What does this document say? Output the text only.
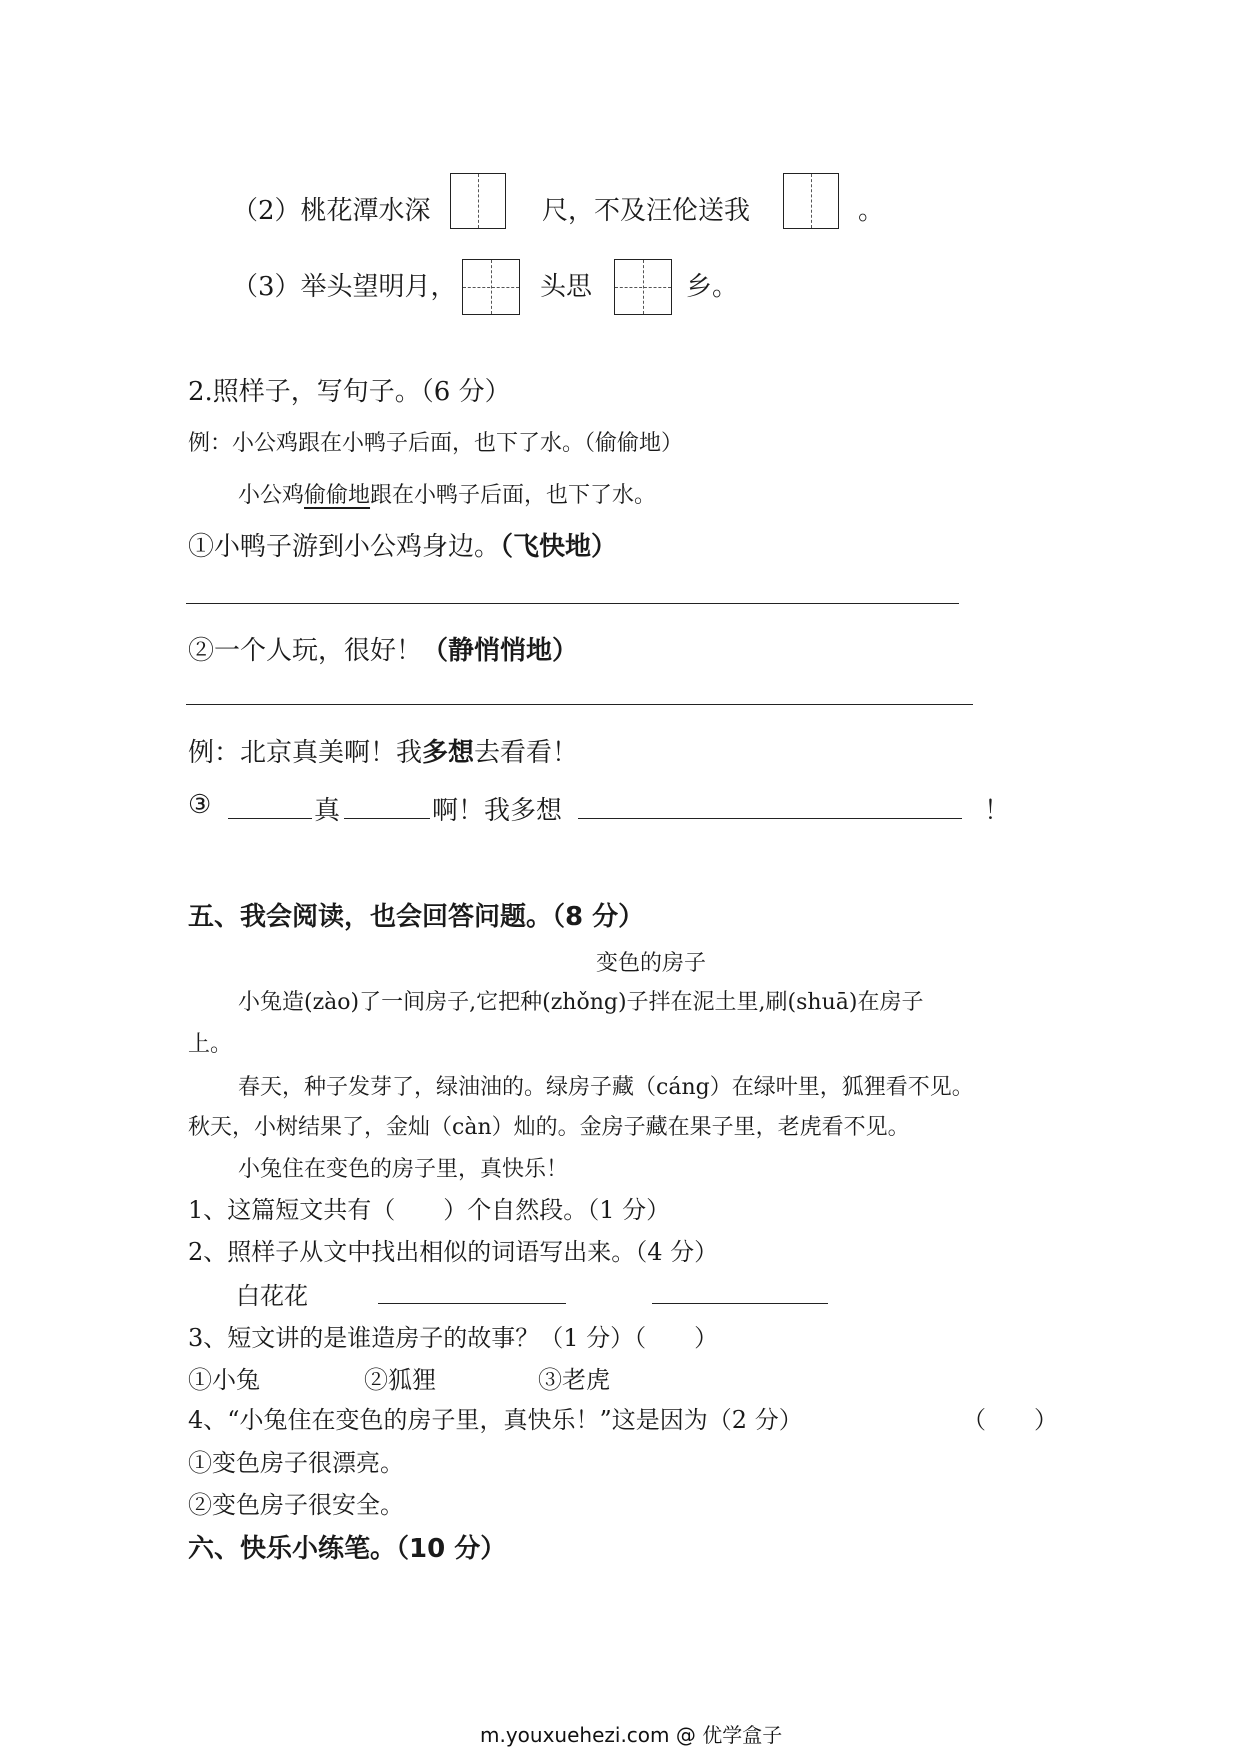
（2）桃花潭水深	尺，不及汪伦送我	。
（3）举头望明月，	头思	乡。
2.照样子，写句子。（6 分）
例：小公鸡跟在小鸭子后面，也下了水。（偷偷地）
小公鸡偷偷地跟在小鸭子后面，也下了水。
①小鸭子游到小公鸡身边。（飞快地）
②一个人玩，很好！（静悄悄地）
例：北京真美啊！我多想去看看！
③	真	啊！我多想	！
五、我会阅读，也会回答问题。（8 分）
变色的房子
小兔造(zào)了一间房子,它把种(zhǒng)子拌在泥土里,刷(shuā)在房子
上。
春天，种子发芽了，绿油油的。绿房子藏（cáng）在绿叶里，狐狸看不见。
秋天，小树结果了，金灿（càn）灿的。金房子藏在果子里，老虎看不见。
小兔住在变色的房子里，真快乐！
1、这篇短文共有（　　）个自然段。（1 分）
2、照样子从文中找出相似的词语写出来。（4 分）
白花花
3、短文讲的是谁造房子的故事？（1 分）（　　）
①小兔	②狐狸	③老虎
4、“小兔住在变色的房子里，真快乐！”这是因为（2 分）	（　　）
①变色房子很漂亮。
②变色房子很安全。
六、快乐小练笔。（10 分）
m.youxuehezi.com @ 优学盒子
